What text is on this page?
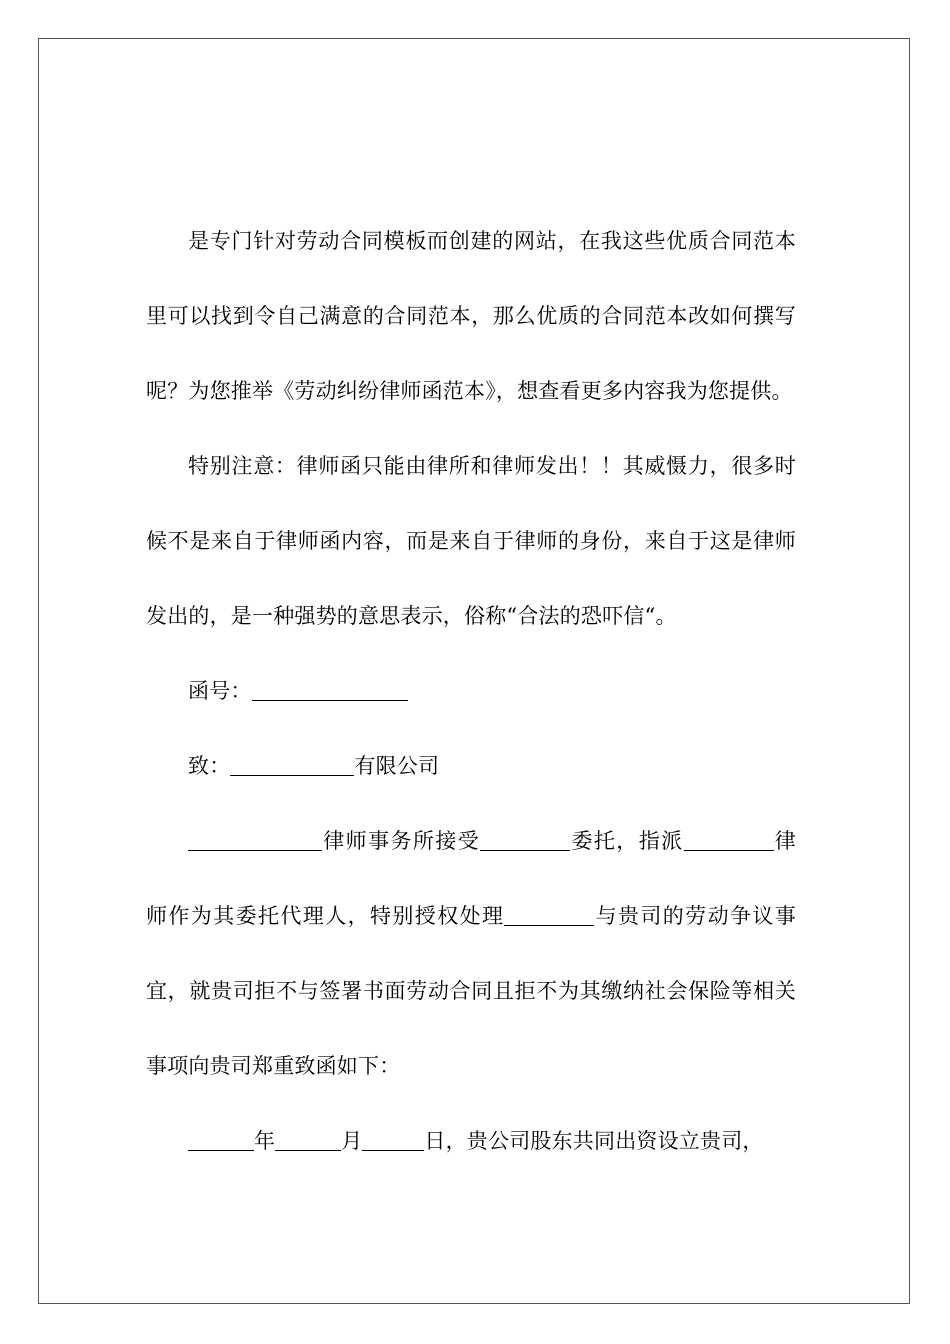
是专门针对劳动合同模板而创建的网站，在我这些优质合同范本里可以找到令自己满意的合同范本，那么优质的合同范本改如何撰写呢？为您推举《劳动纠纷律师函范本》，想查看更多内容我为您提供。

特别注意：律师函只能由律所和律师发出！！其威慑力，很多时候不是来自于律师函内容，而是来自于律师的身份，来自于这是律师发出的，是一种强势的意思表示，俗称“合法的恐吓信“。

函号：

致：	有限公司

律师事务所接受	委托，指派	律师作为其委托代理人，特别授权处理	与贵司的劳动争议事宜，就贵司拒不与签署书面劳动合同且拒不为其缴纳社会保险等相关事项向贵司郑重致函如下：

年	月	日，贵公司股东共同出资设立贵司，
